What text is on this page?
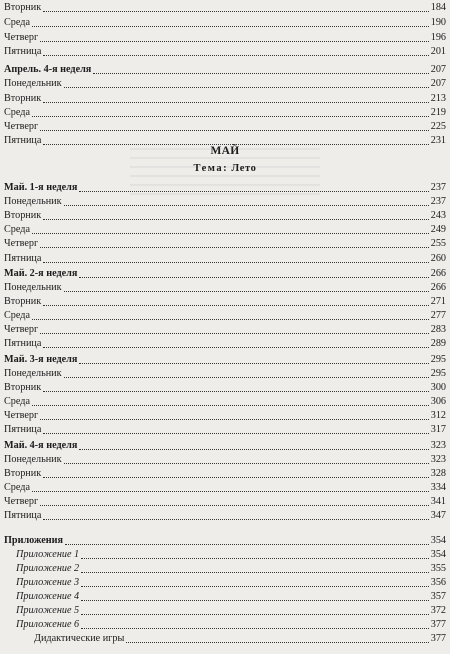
МАЙ
Тема: Лето
Вторник	184
Среда	190
Четверг	196
Пятница	201
Апрель. 4-я неделя	207
Понедельник	207
Вторник	213
Среда	219
Четверг	225
Пятница	231
Май. 1-я неделя	237
Понедельник	237
Вторник	243
Среда	249
Четверг	255
Пятница	260
Май. 2-я неделя	266
Понедельник	266
Вторник	271
Среда	277
Четверг	283
Пятница	289
Май. 3-я неделя	295
Понедельник	295
Вторник	300
Среда	306
Четверг	312
Пятница	317
Май. 4-я неделя	323
Понедельник	323
Вторник	328
Среда	334
Четверг	341
Пятница	347
Приложения	354
Приложение 1	354
Приложение 2	355
Приложение 3	356
Приложение 4	357
Приложение 5	372
Приложение 6	377
Дидактические игры	377
